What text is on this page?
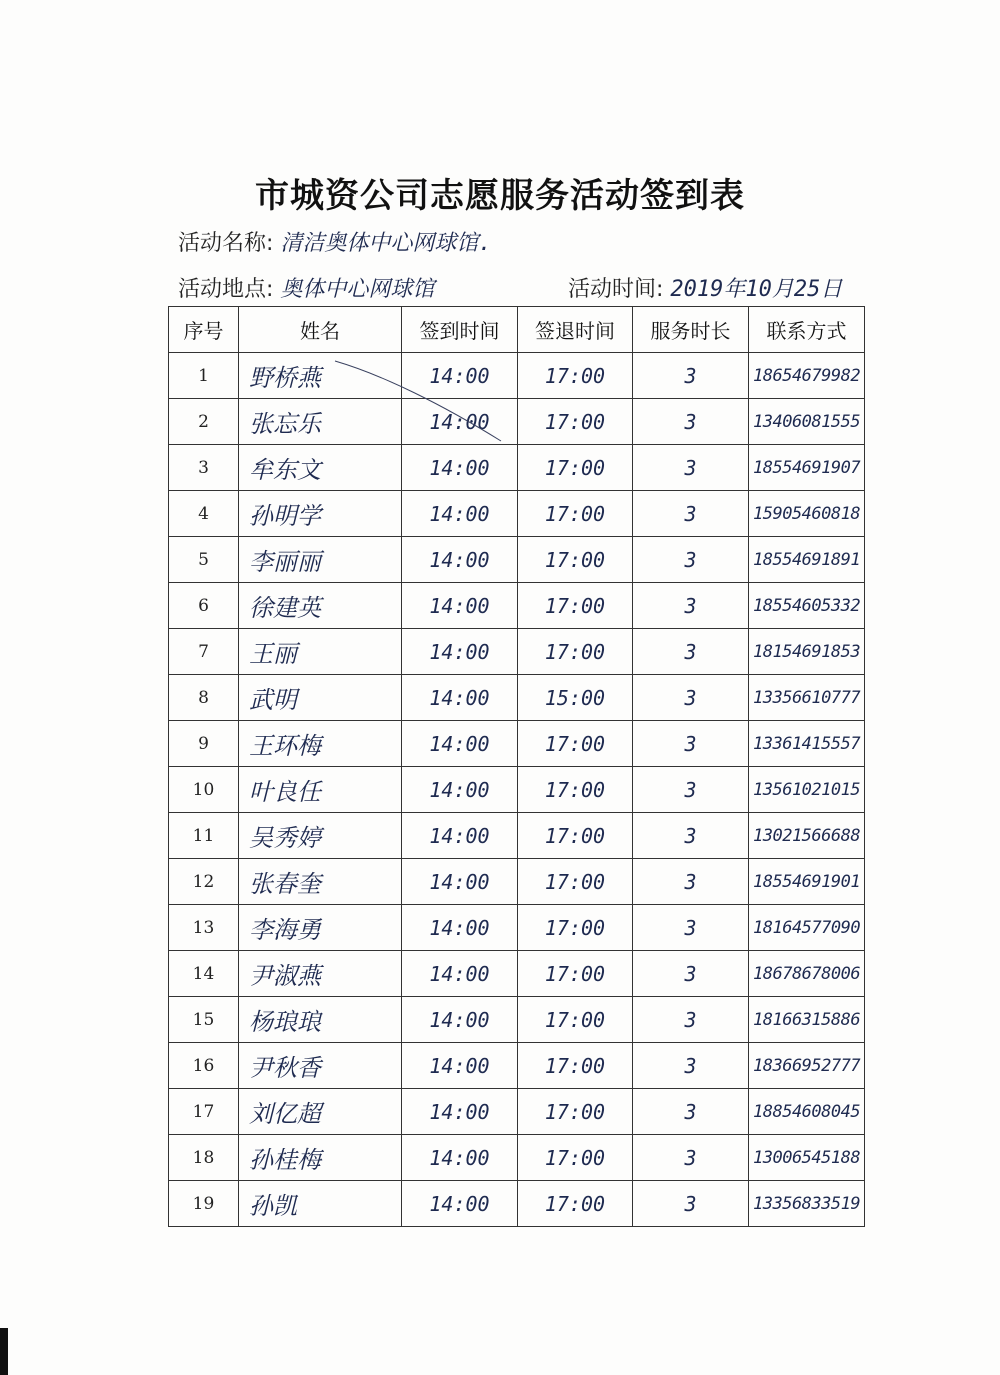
市城资公司志愿服务活动签到表
活动名称: 清洁奥体中心网球馆.
活动地点: 奥体中心网球馆	活动时间: 2019年10月25日
序号	姓名	签到时间	签退时间	服务时长	联系方式
1	野桥燕	14:00	17:00	3	18654679982
2	张忘乐	14:00	17:00	3	13406081555
3	牟东文	14:00	17:00	3	18554691907
4	孙明学	14:00	17:00	3	15905460818
5	李丽丽	14:00	17:00	3	18554691891
6	徐建英	14:00	17:00	3	18554605332
7	王丽	14:00	17:00	3	18154691853
8	武明	14:00	15:00	3	13356610777
9	王环梅	14:00	17:00	3	13361415557
10	叶良任	14:00	17:00	3	13561021015
11	吴秀婷	14:00	17:00	3	13021566688
12	张春奎	14:00	17:00	3	18554691901
13	李海勇	14:00	17:00	3	18164577090
14	尹淑燕	14:00	17:00	3	18678678006
15	杨琅琅	14:00	17:00	3	18166315886
16	尹秋香	14:00	17:00	3	18366952777
17	刘亿超	14:00	17:00	3	18854608045
18	孙桂梅	14:00	17:00	3	13006545188
19	孙凯	14:00	17:00	3	13356833519
